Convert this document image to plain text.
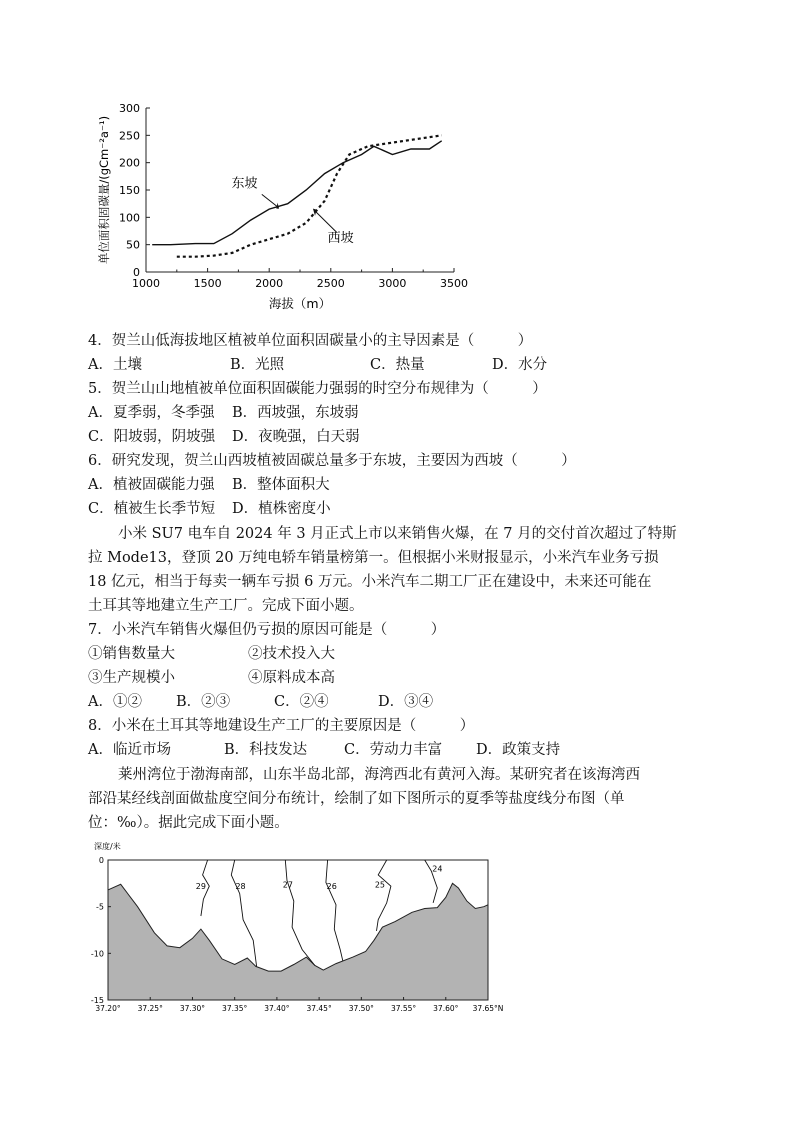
0
50
100
150
200
250
300
1000	1500	2000	2500	3000	3500
海拔（m）
单位面积固碳量/(gCm⁻²a⁻¹)	东坡
西坡
4．贺兰山低海拔地区植被单位面积固碳量小的主导因素是（　　　）
A．土壤	B．光照	C．热量	D．水分
5．贺兰山山地植被单位面积固碳能力强弱的时空分布规律为（　　　）
A．夏季弱，冬季强 B．西坡强，东坡弱
C．阳坡弱，阴坡强 D．夜晚强，白天弱
6．研究发现，贺兰山西坡植被固碳总量多于东坡，主要因为西坡（　　　）
A．植被固碳能力强 B．整体面积大
C．植被生长季节短 D．植株密度小
小米 SU7 电车自 2024 年 3 月正式上市以来销售火爆，在 7 月的交付首次超过了特斯
拉 Mode13，登顶 20 万纯电轿车销量榜第一。但根据小米财报显示，小米汽车业务亏损
18 亿元，相当于每卖一辆车亏损 6 万元。小米汽车二期工厂正在建设中，未来还可能在
土耳其等地建立生产工厂。完成下面小题。
7．小米汽车销售火爆但仍亏损的原因可能是（　　　）
①销售数量大	②技术投入大
③生产规模小	④原料成本高
A．①② B．②③	C．②④	D．③④
8．小米在土耳其等地建设生产工厂的主要原因是（　　　）
A．临近市场	B．科技发达	C．劳动力丰富 D．政策支持
莱州湾位于渤海南部，山东半岛北部，海湾西北有黄河入海。某研究者在该海湾西
部沿某经线剖面做盐度空间分布统计，绘制了如下图所示的夏季等盐度线分布图（单
位：‰）。据此完成下面小题。
深度/米
0
-5
-10
-15
37.20° 37.25° 37.30° 37.35° 37.40° 37.45° 37.50° 37.55° 37.60° 37.65°N
29	28	27	26	25
24
